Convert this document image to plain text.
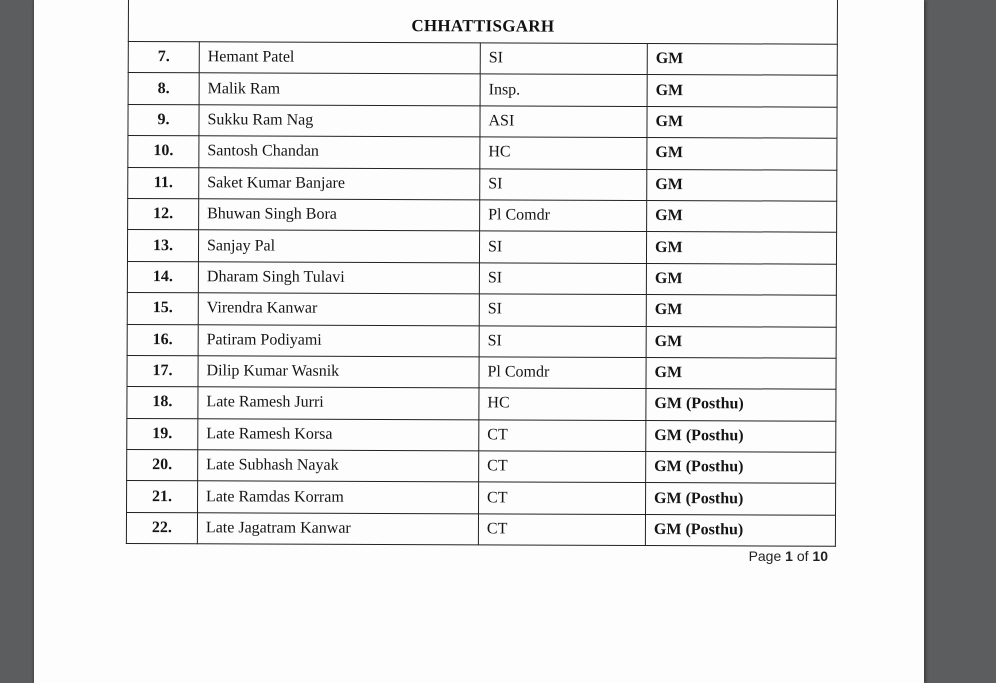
CHHATTISGARH
7.	Hemant Patel	SI	GM
8.	Malik Ram	Insp.	GM
9.	Sukku Ram Nag	ASI	GM
10.	Santosh Chandan	HC	GM
11.	Saket Kumar Banjare	SI	GM
12.	Bhuwan Singh Bora	Pl Comdr	GM
13.	Sanjay Pal	SI	GM
14.	Dharam Singh Tulavi	SI	GM
15.	Virendra Kanwar	SI	GM
16.	Patiram Podiyami	SI	GM
17.	Dilip Kumar Wasnik	Pl Comdr	GM
18.	Late Ramesh Jurri	HC	GM (Posthu)
19.	Late Ramesh Korsa	CT	GM (Posthu)
20.	Late Subhash Nayak	CT	GM (Posthu)
21.	Late Ramdas Korram	CT	GM (Posthu)
22.	Late Jagatram Kanwar	CT	GM (Posthu)
Page 1 of 10
